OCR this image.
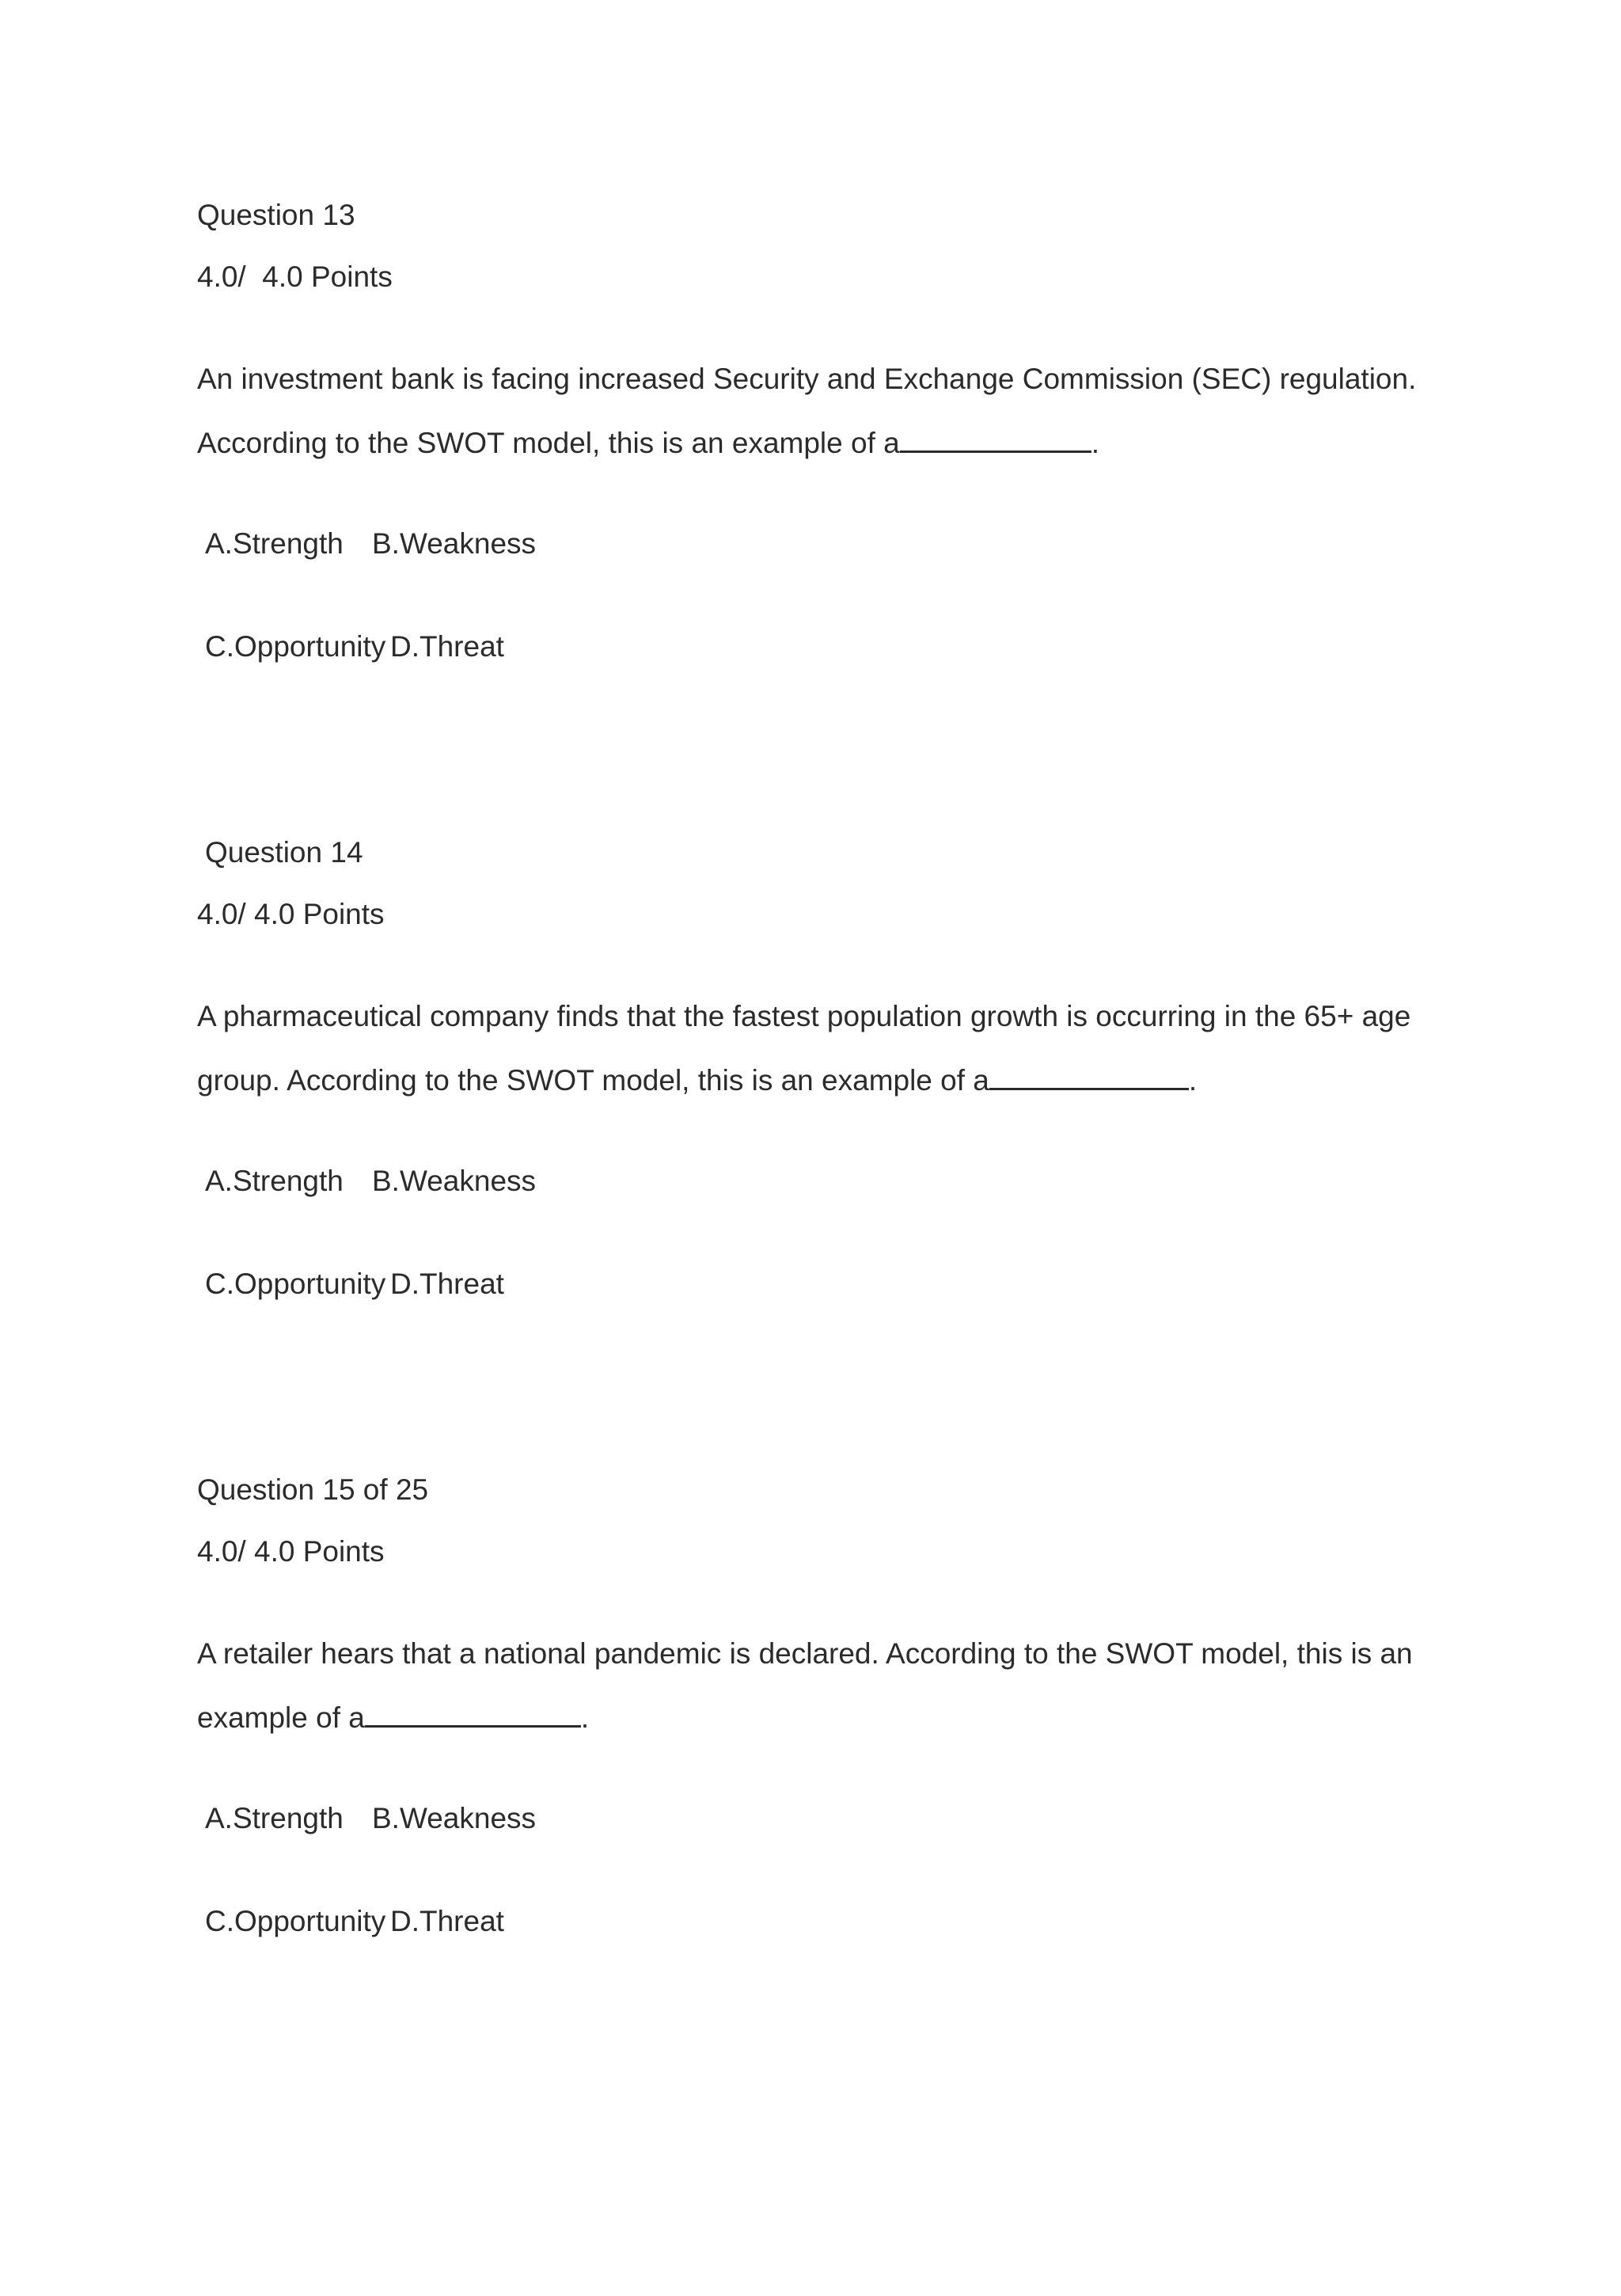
Question 13

4.0/  4.0 Points

An investment bank is facing increased Security and Exchange Commission (SEC) regulation.

According to the SWOT model, this is an example of a	.

A.Strength B.Weakness

C.Opportunity D.Threat

Question 14

4.0/ 4.0 Points

A pharmaceutical company finds that the fastest population growth is occurring in the 65+ age

group. According to the SWOT model, this is an example of a	.

A.Strength B.Weakness

C.Opportunity D.Threat

Question 15 of 25

4.0/ 4.0 Points

A retailer hears that a national pandemic is declared. According to the SWOT model, this is an

example of a	.

A.Strength B.Weakness

C.Opportunity D.Threat
